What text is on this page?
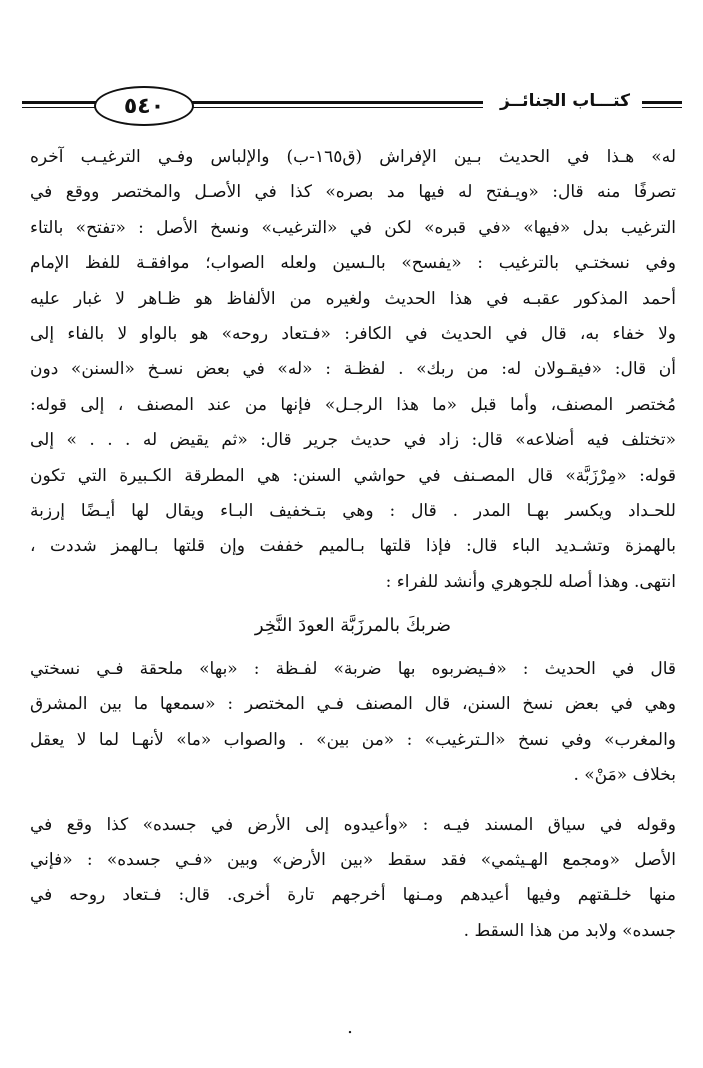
٥٤٠	كتـــاب الجنائــز
له» هـذا في الحديث بـين الإفراش (ق١٦٥-ب) والإلباس وفـي الترغيـب آخره
تصرفًا منه قال: «ويـفتح له فيها مد بصره» كذا في الأصـل والمختصر ووقع في
الترغيب بدل «فيها» «في قبره» لكن في «الترغيب» ونسخ الأصل : «تفتح» بالتاء
وفي نسختـي بالترغيب : «يفسح» بالـسين ولعله الصواب؛ موافقـة للفظ الإمام
أحمد المذكور عقبـه في هذا الحديث ولغيره من الألفاظ هو ظـاهر لا غبار عليه
ولا خفاء به، قال في الحديث في الكافر: «فـتعاد روحه» هو بالواو لا بالفاء إلى
أن قال: «فيقـولان له: من ربك» . لفظـة : «له» في بعض نسـخ «السنن» دون
مُختصر المصنف، وأما قبل «ما هذا الرجـل» فإنها من عند المصنف ، إلى قوله:
«تختلف فيه أضلاعه» قال: زاد في حديث جرير قال: «ثم يقيض له . . . » إلى
قوله: «مِرْزَبَّة» قال المصـنف في حواشي السنن: هي المطرقة الكـبيرة التي تكون
للحـداد ويكسر بهـا المدر . قال : وهي بتـخفيف البـاء ويقال لها أيـضًا إرزبة
بالهمزة وتشـديد الباء قال: فإذا قلتها بـالميم خففت وإن قلتها بـالهمز شددت ،
انتهى. وهذا أصله للجوهري وأنشد للفراء :
ضربكَ بالمرزَبَّة العودَ النَّخِر
قال في الحديث : «فـيضربوه بها ضربة» لفـظة : «بها» ملحقة فـي نسختي
وهي في بعض نسخ السنن، قال المصنف فـي المختصر : «سمعها ما بين المشرق
والمغرب» وفي نسخ «الـترغيب» : «من بين» . والصواب «ما» لأنهـا لما لا يعقل
بخلاف «مَنْ» .
وقوله في سياق المسند فيـه : «وأعيدوه إلى الأرض في جسده» كذا وقع في
الأصل «ومجمع الهـيثمي» فقد سقط «بين الأرض» وبين «فـي جسده» : «فإني
منها خلـقتهم وفيها أعيدهم ومـنها أخرجهم تارة أخرى. قال: فـتعاد روحه في
جسده» ولابد من هذا السقط .
.
